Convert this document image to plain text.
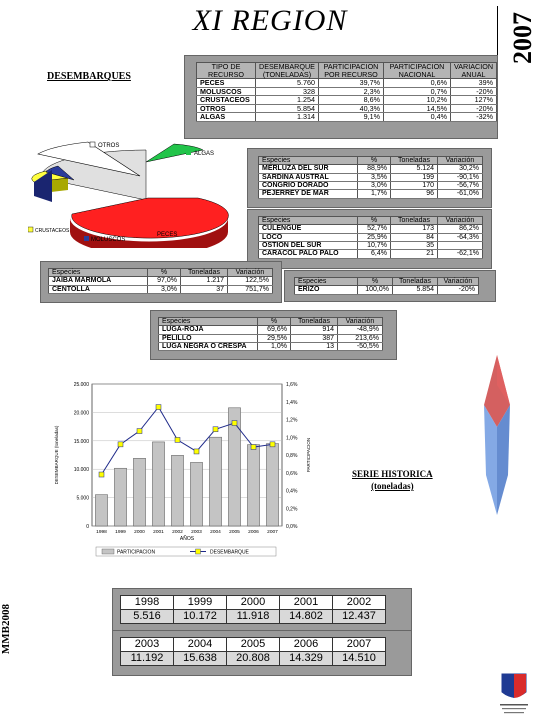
XI REGION	2007
MMB2008
DESEMBARQUES
TIPO DE RECURSO	DESEMBARQUE (TONELADAS)	PARTICIPACION POR RECURSO	PARTICIPACION NACIONAL	VARIACION ANUAL
PECES	5.760	39,7%	0,6%	39%
MOLUSCOS	328	2,3%	0,7%	-20%
CRUSTACEOS	1.254	8,6%	10,2%	127%
OTROS	5.854	40,3%	14,5%	-20%
ALGAS	1.314	9,1%	0,4%	-32%
OTROS
ALGAS
CRUSTACEOS
MOLUSCOS
PECES
Especies	%	Toneladas	Variación
MERLUZA DEL SUR	88,9%	5.124	30,2%
SARDINA AUSTRAL	3,5%	199	-90,1%
CONGRIO DORADO	3,0%	170	-56,7%
PEJERREY DE MAR	1,7%	96	-61,0%
Especies	%	Toneladas	Variación
CULENGUE	52,7%	173	86,2%
LOCO	25,9%	84	-64,3%
OSTION DEL SUR	10,7%	35	
CARACOL PALO PALO	6,4%	21	-62,1%
Especies	%	Toneladas	Variación
JAIBA MARMOLA	97,0%	1.217	122,5%
CENTOLLA	3,0%	37	751,7%
Especies	%	Toneladas	Variación
ERIZO	100,0%	5.854	-20%
Especies	%	Toneladas	Variación
LUGA-ROJA	69,6%	914	-48,9%
PELILLO	29,5%	387	213,6%
LUGA NEGRA O CRESPA	1,0%	13	-50,5%
0
5.000
10.000
15.000
20.000
25.000
0,0%
0,2%
0,4%
0,6%
0,8%
1,0%
1,2%
1,4%
1,6%
1998 1999 2000 2001 2002 2003 2004 2005 2006 2007
AÑOS
DESEMBARQUE (toneladas)	PARTICIPACION
PARTICIPACION	DESEMBARQUE
SERIE HISTORICA
(toneladas)
1998	1999	2000	2001	2002
5.516	10.172	11.918	14.802	12.437
2003	2004	2005	2006	2007
11.192	15.638	20.808	14.329	14.510
